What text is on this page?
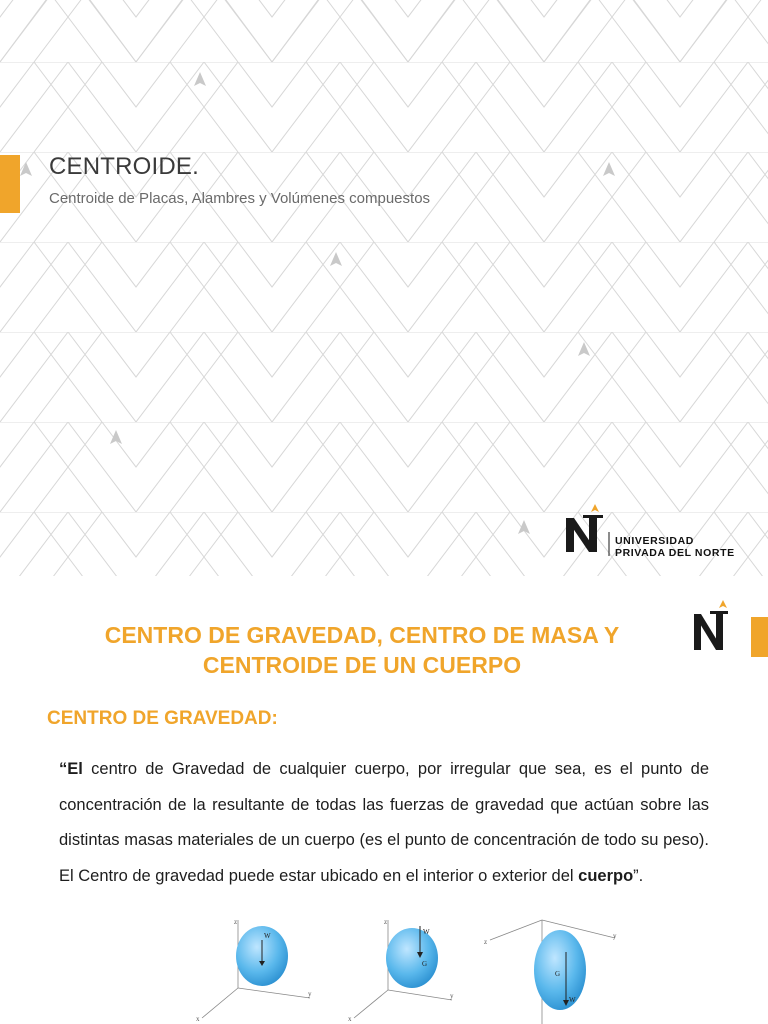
CENTROIDE.
Centroide de Placas, Alambres y Volúmenes compuestos
UNIVERSIDAD
PRIVADA DEL NORTE
CENTRO DE GRAVEDAD, CENTRO DE MASA Y
CENTROIDE DE UN CUERPO
CENTRO DE GRAVEDAD:
“El centro de Gravedad de cualquier cuerpo, por irregular que sea, es el punto de concentración de la resultante de todas las fuerzas de gravedad que actúan sobre las distintas masas materiales de un cuerpo (es el punto de concentración de todo su peso). El Centro de gravedad puede estar ubicado en el interior o exterior del cuerpo”.
W
z
x
y
W
G
z
x
y
G
W
z
y
